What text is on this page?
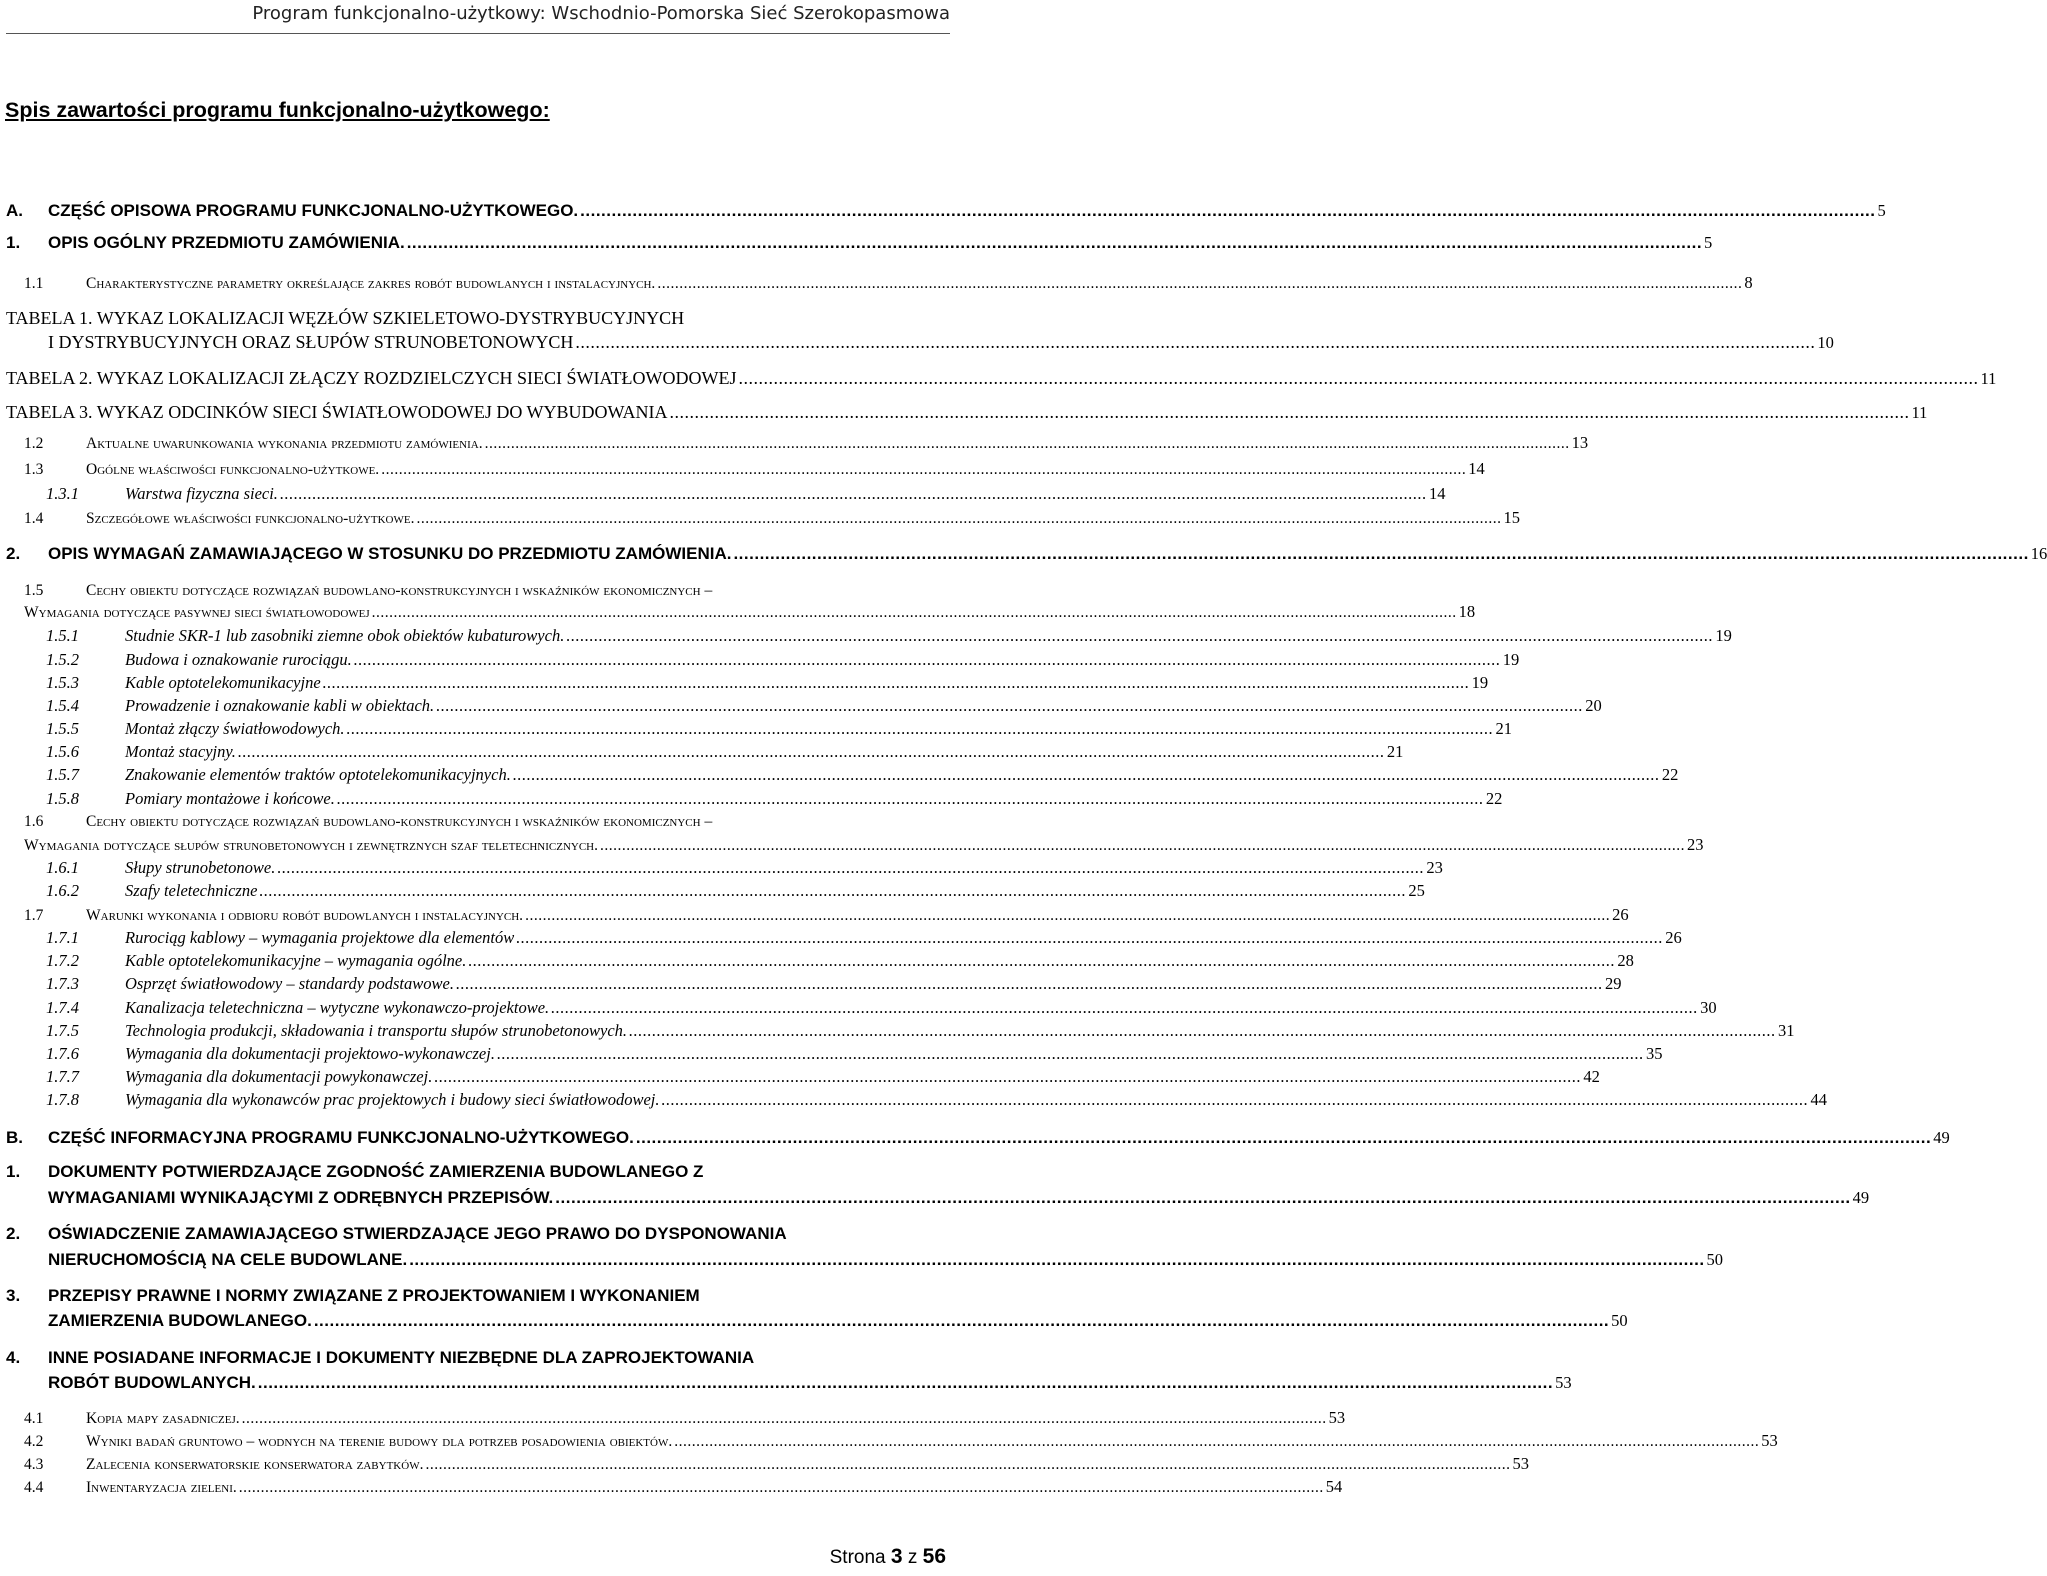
Program funkcjonalno-użytkowy: Wschodnio-Pomorska Sieć Szerokopasmowa
Spis zawartości programu funkcjonalno-użytkowego:
A.	CZĘŚĆ OPISOWA PROGRAMU FUNKCJONALNO-UŻYTKOWEGO. .....	5
1.	OPIS OGÓLNY PRZEDMIOTU ZAMÓWIENIA. .....	5
1.1	Charakterystyczne parametry określające zakres robót budowlanych i instalacyjnych. .....	8
TABELA 1. WYKAZ LOKALIZACJI WĘZŁÓW SZKIELETOWO-DYSTRYBUCYJNYCH
I DYSTRYBUCYJNYCH ORAZ SŁUPÓW STRUNOBETONOWYCH .....	10
TABELA 2. WYKAZ LOKALIZACJI ZŁĄCZY ROZDZIELCZYCH SIECI ŚWIATŁOWODOWEJ .....	11
TABELA 3. WYKAZ ODCINKÓW SIECI ŚWIATŁOWODOWEJ DO WYBUDOWANIA .....	11
1.2	Aktualne uwarunkowania wykonania przedmiotu zamówienia. .....	13
1.3	Ogólne właściwości funkcjonalno-użytkowe. .....	14
1.3.1	Warstwa fizyczna sieci. .....	14
1.4	Szczegółowe właściwości funkcjonalno-użytkowe. .....	15
2.	OPIS WYMAGAŃ ZAMAWIAJĄCEGO W STOSUNKU DO PRZEDMIOTU ZAMÓWIENIA. .....	16
1.5	Cechy obiektu dotyczące rozwiązań budowlano-konstrukcyjnych i wskaźników ekonomicznych –
Wymagania dotyczące pasywnej sieci światłowodowej .....	18
1.5.1	Studnie SKR-1 lub zasobniki ziemne obok obiektów kubaturowych. .....	19
1.5.2	Budowa i oznakowanie rurociągu. .....	19
1.5.3	Kable optotelekomunikacyjne .....	19
1.5.4	Prowadzenie i oznakowanie kabli w obiektach. .....	20
1.5.5	Montaż złączy światłowodowych. .....	21
1.5.6	Montaż stacyjny. .....	21
1.5.7	Znakowanie elementów traktów optotelekomunikacyjnych. .....	22
1.5.8	Pomiary montażowe i końcowe. .....	22
1.6	Cechy obiektu dotyczące rozwiązań budowlano-konstrukcyjnych i wskaźników ekonomicznych –
Wymagania dotyczące słupów strunobetonowych i zewnętrznych szaf teletechnicznych. .....	23
1.6.1	Słupy strunobetonowe. .....	23
1.6.2	Szafy teletechniczne .....	25
1.7	Warunki wykonania i odbioru robót budowlanych i instalacyjnych. .....	26
1.7.1	Rurociąg kablowy – wymagania projektowe dla elementów .....	26
1.7.2	Kable optotelekomunikacyjne – wymagania ogólne. .....	28
1.7.3	Osprzęt światłowodowy – standardy podstawowe. .....	29
1.7.4	Kanalizacja teletechniczna – wytyczne wykonawczo-projektowe. .....	30
1.7.5	Technologia produkcji, składowania i transportu słupów strunobetonowych. .....	31
1.7.6	Wymagania dla dokumentacji projektowo-wykonawczej. .....	35
1.7.7	Wymagania dla dokumentacji powykonawczej. .....	42
1.7.8	Wymagania dla wykonawców prac projektowych i budowy sieci światłowodowej. .....	44
B.	CZĘŚĆ INFORMACYJNA PROGRAMU FUNKCJONALNO-UŻYTKOWEGO. .....	49
1.	DOKUMENTY POTWIERDZAJĄCE ZGODNOŚĆ ZAMIERZENIA BUDOWLANEGO Z
WYMAGANIAMI WYNIKAJĄCYMI Z ODRĘBNYCH PRZEPISÓW. .....	49
2.	OŚWIADCZENIE ZAMAWIAJĄCEGO STWIERDZAJĄCE JEGO PRAWO DO DYSPONOWANIA
NIERUCHOMOŚCIĄ NA CELE BUDOWLANE. .....	50
3.	PRZEPISY PRAWNE I NORMY ZWIĄZANE Z PROJEKTOWANIEM I WYKONANIEM
ZAMIERZENIA BUDOWLANEGO. .....	50
4.	INNE POSIADANE INFORMACJE I DOKUMENTY NIEZBĘDNE DLA ZAPROJEKTOWANIA
ROBÓT BUDOWLANYCH. .....	53
4.1	Kopia mapy zasadniczej. .....	53
4.2	Wyniki badań gruntowo – wodnych na terenie budowy dla potrzeb posadowienia obiektów. .....	53
4.3	Zalecenia konserwatorskie konserwatora zabytków. .....	53
4.4	Inwentaryzacja zieleni. .....	54
Strona 3 z 56
